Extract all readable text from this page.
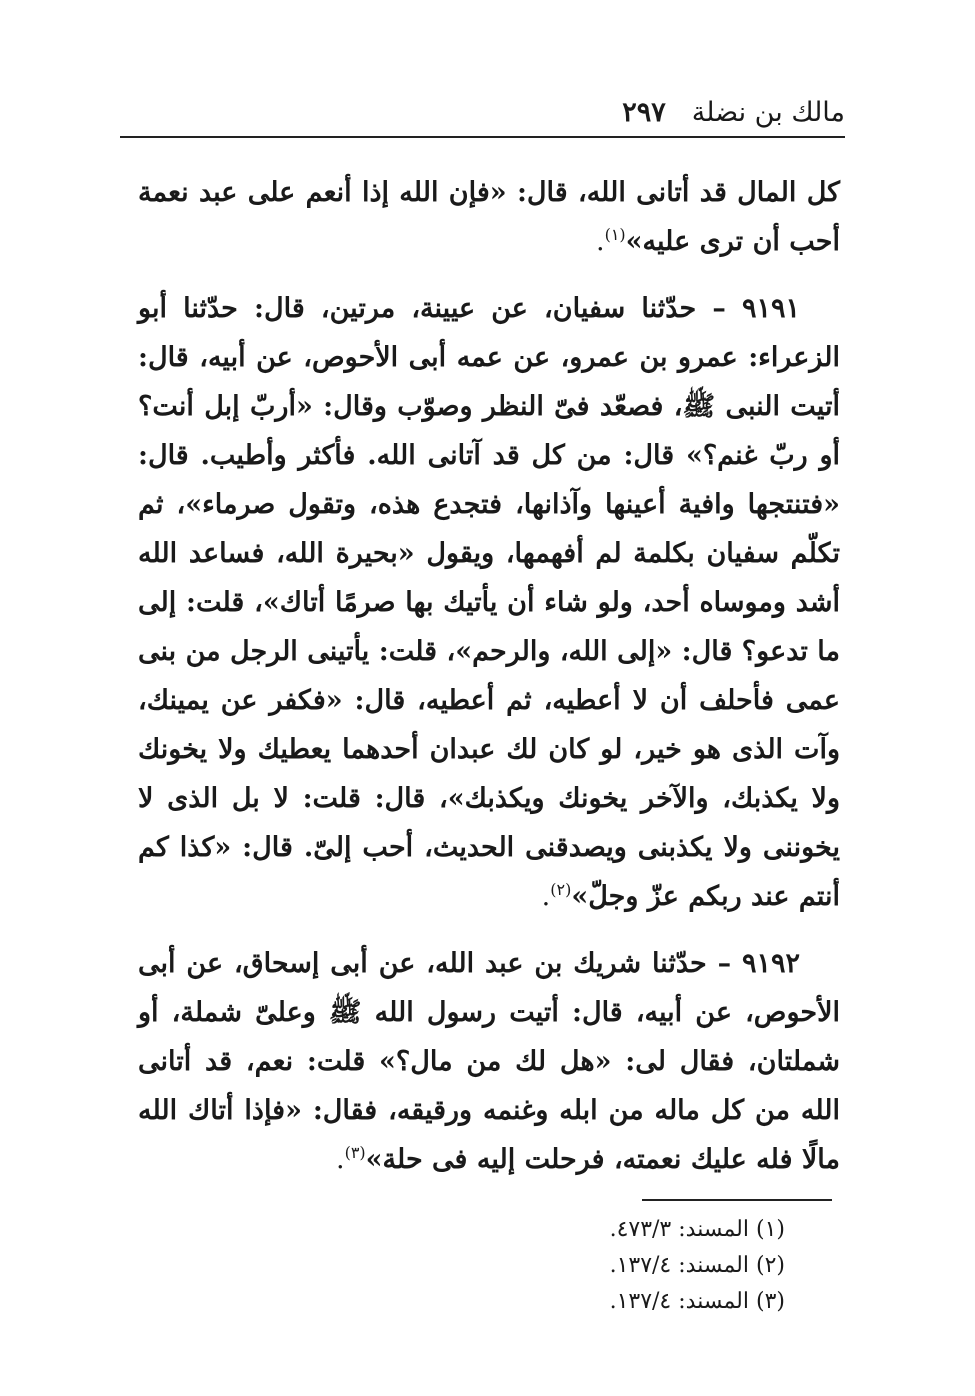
مالك بن نضلة
٢٩٧

كل المال قد أتانى الله، قال: «فإن الله إذا أنعم على عبد نعمة أحب أن ترى عليه»$^{(١)}$.

٩١٩١ – حدّثنا سفيان، عن عيينة، مرتين، قال: حدّثنا أبو الزعراء: عمرو بن عمرو، عن عمه أبى الأحوص، عن أبيه، قال: أتيت النبى ﷺ، فصعّد فىّ النظر وصوّب وقال: «أربّ إبل أنت؟ أو ربّ غنم؟» قال: من كل قد آتانى الله. فأكثر وأطيب. قال: «فتنتجها وافية أعينها وآذانها، فتجدع هذه، وتقول صرماء»، ثم تكلّم سفيان بكلمة لم أفهمها، ويقول «بحيرة الله، فساعد الله أشد وموساه أحد، ولو شاء أن يأتيك بها صرمًا أتاك»، قلت: إلى ما تدعو؟ قال: «إلى الله، والرحم»، قلت: يأتينى الرجل من بنى عمى فأحلف أن لا أعطيه، ثم أعطيه، قال: «فكفر عن يمينك، وآت الذى هو خير، لو كان لك عبدان أحدهما يعطيك ولا يخونك ولا يكذبك، والآخر يخونك ويكذبك»، قال: قلت: لا بل الذى لا يخوننى ولا يكذبنى ويصدقنى الحديث، أحب إلىّ. قال: «كذا كم أنتم عند ربكم عزّ وجلّ»$^{(٢)}$.

٩١٩٢ – حدّثنا شريك بن عبد الله، عن أبى إسحاق، عن أبى الأحوص، عن أبيه، قال: أتيت رسول الله ﷺ وعلىّ شملة، أو شملتان، فقال لى: «هل لك من مال؟» قلت: نعم، قد أتانى الله من كل ماله من ابله وغنمه ورقيقه، فقال: «فإذا أتاك الله مالًا فله عليك نعمته، فرحلت إليه فى حلة»$^{(٣)}$.

(١) المسند: ٤٧٣/٣.
(٢) المسند: ١٣٧/٤.
(٣) المسند: ١٣٧/٤.
